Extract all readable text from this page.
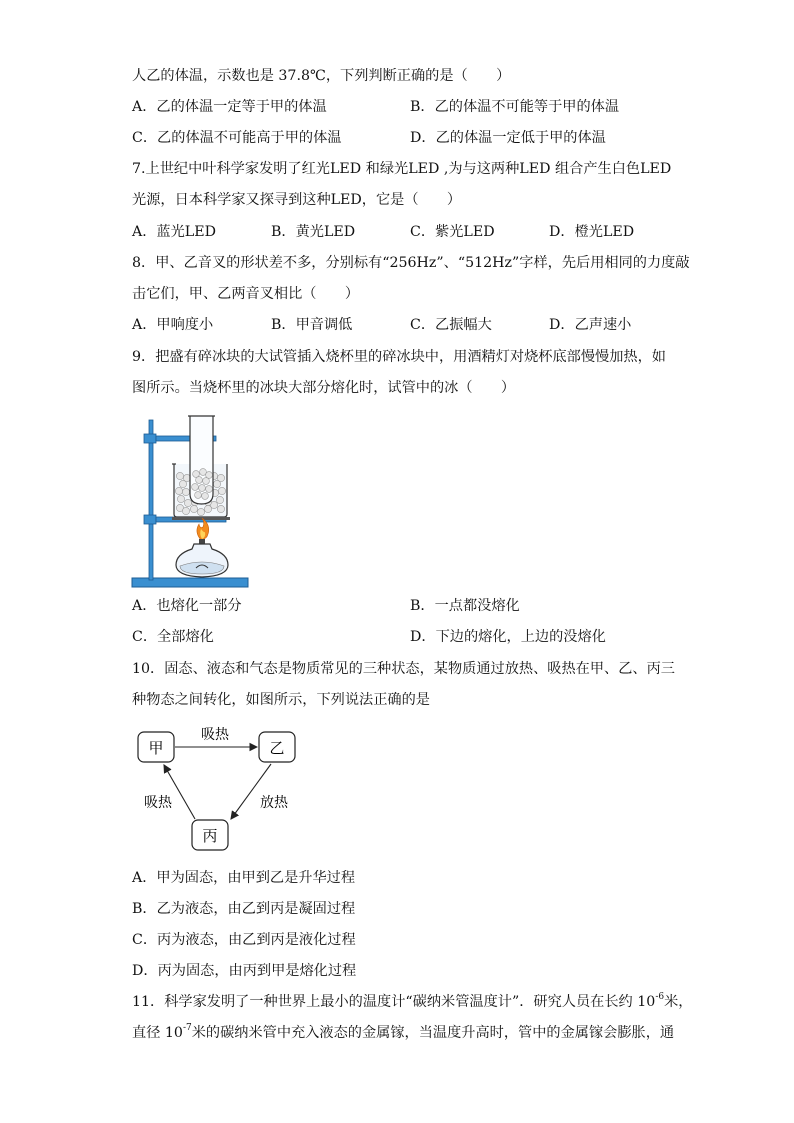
人乙的体温，示数也是 37.8℃，下列判断正确的是（　　）
A．乙的体温一定等于甲的体温	B．乙的体温不可能等于甲的体温
C．乙的体温不可能高于甲的体温	D．乙的体温一定低于甲的体温
7.上世纪中叶科学家发明了红光LED 和绿光LED ,为与这两种LED 组合产生白色LED
光源，日本科学家又探寻到这种LED，它是（　　）
A．蓝光LED	B．黄光LED	C．紫光LED	D．橙光LED
8．甲、乙音叉的形状差不多，分别标有“256Hz”、“512Hz”字样，先后用相同的力度敲
击它们，甲、乙两音叉相比（　　）
A．甲响度小	B．甲音调低	C．乙振幅大	D．乙声速小
9．把盛有碎冰块的大试管插入烧杯里的碎冰块中，用酒精灯对烧杯底部慢慢加热，如
图所示。当烧杯里的冰块大部分熔化时，试管中的冰（　　）
A．也熔化一部分	B．一点都没熔化
C．全部熔化	D．下边的熔化，上边的没熔化
10．固态、液态和气态是物质常见的三种状态，某物质通过放热、吸热在甲、乙、丙三
种物态之间转化，如图所示，下列说法正确的是
甲	乙
丙
吸热
放热
吸热
A．甲为固态，由甲到乙是升华过程
B．乙为液态，由乙到丙是凝固过程
C．丙为液态，由乙到丙是液化过程
D．丙为固态，由丙到甲是熔化过程
11．科学家发明了一种世界上最小的温度计“碳纳米管温度计”．研究人员在长约 $10^{-6}$米，
直径 $10^{-7}$米的碳纳米管中充入液态的金属镓，当温度升高时，管中的金属镓会膨胀，通
